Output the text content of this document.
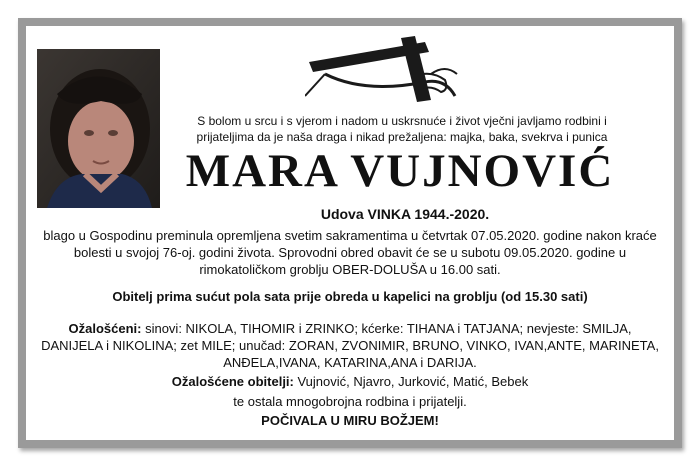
S bolom u srcu i s vjerom i nadom u uskrsnuće i život vječni javljamo rodbini i prijateljima da je naša draga i nikad prežaljena: majka, baka, svekrva i punica
MARA VUJNOVIĆ
Udova VINKA 1944.-2020.
blago u Gospodinu preminula opremljena svetim sakramentima u četvrtak 07.05.2020. godine nakon kraće bolesti u svojoj 76-oj. godini života. Sprovodni obred obavit će se u subotu 09.05.2020. godine u rimokatoličkom groblju OBER-DOLUŠA u 16.00 sati.
Obitelj prima sućut pola sata prije obreda u kapelici na groblju (od 15.30 sati)
Ožalošćeni: sinovi: NIKOLA, TIHOMIR i ZRINKO; kćerke: TIHANA i TATJANA; nevjeste: SMILJA, DANIJELA i NIKOLINA; zet MILE; unučad: ZORAN, ZVONIMIR, BRUNO, VINKO, IVAN,ANTE, MARINETA, ANĐELA,IVANA, KATARINA,ANA i DARIJA.
Ožalošćene obitelji: Vujnović, Njavro, Jurković, Matić, Bebek
te ostala mnogobrojna rodbina i prijatelji.
POČIVALA U MIRU BOŽJEM!
